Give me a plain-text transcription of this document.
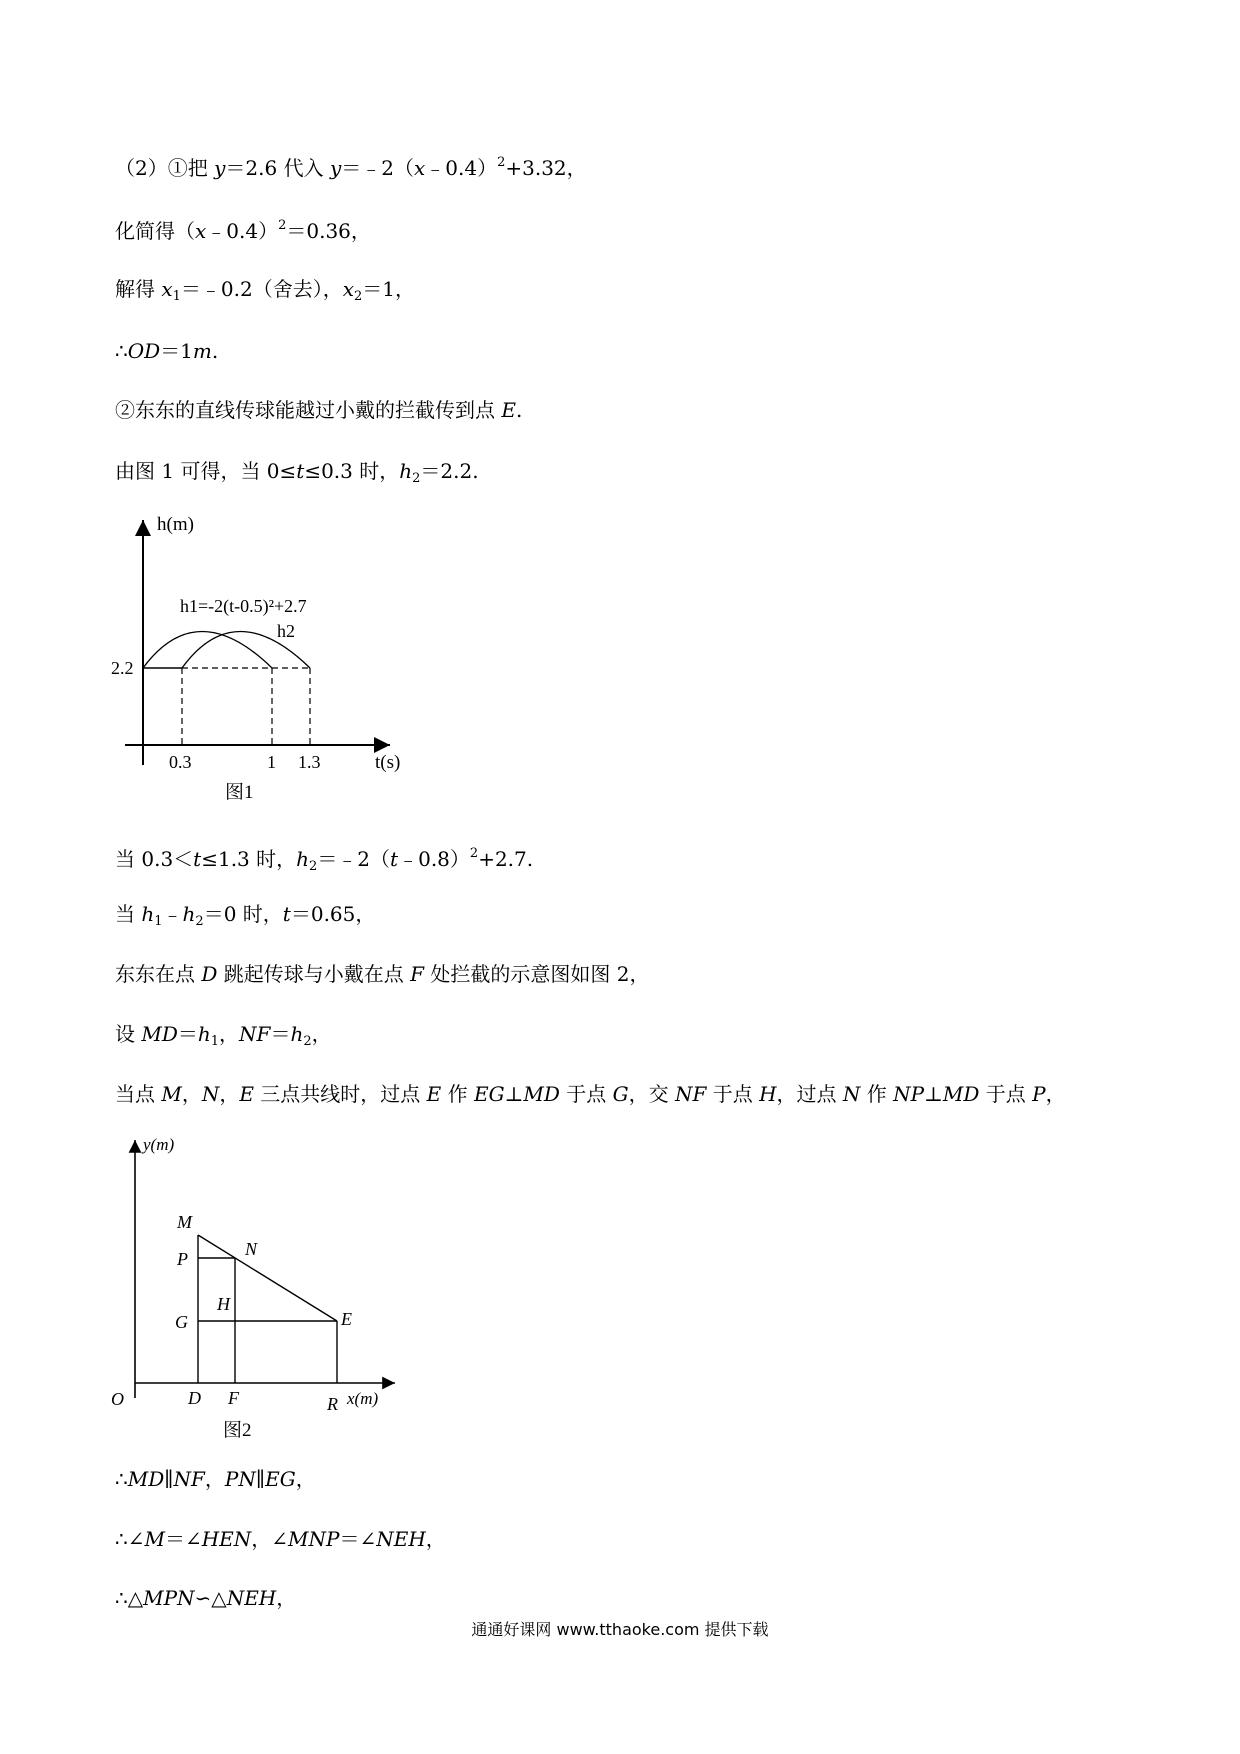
（2）①把 y＝2.6 代入 y＝﹣2（x﹣0.4）$^2$+3.32，
化简得（x﹣0.4）$^2$＝0.36，
解得 $x_1=﹣0.2$（舍去），$x_2=1$，
∴OD＝1m.
②东东的直线传球能越过小戴的拦截传到点 E.
由图 1 可得，当 0≤t≤0.3 时，$h_2=2.2$.
h(m)
t(s)
2.2
0.3	1 1.3
h1=-2(t-0.5)²+2.7
h2
图1
当 0.3＜t≤1.3 时，$h_2=﹣2(t﹣0.8)^2+2.7$.
当 $h_1﹣h_2=0$ 时，t＝0.65，
东东在点 D 跳起传球与小戴在点 F 处拦截的示意图如图 2，
设 $MD=h_1$，$NF=h_2$，
当点 M，N，E 三点共线时，过点 E 作 EG⊥MD 于点 G，交 NF 于点 H，过点 N 作 NP⊥MD 于点 P，
y(m)
x(m)
O
M
N
P
H
G	E
D F	R
图2
∴MD∥NF，PN∥EG，
∴∠M＝∠HEN，∠MNP＝∠NEH，
∴△MPN∽△NEH，
通通好课网 www.tthaoke.com 提供下载
